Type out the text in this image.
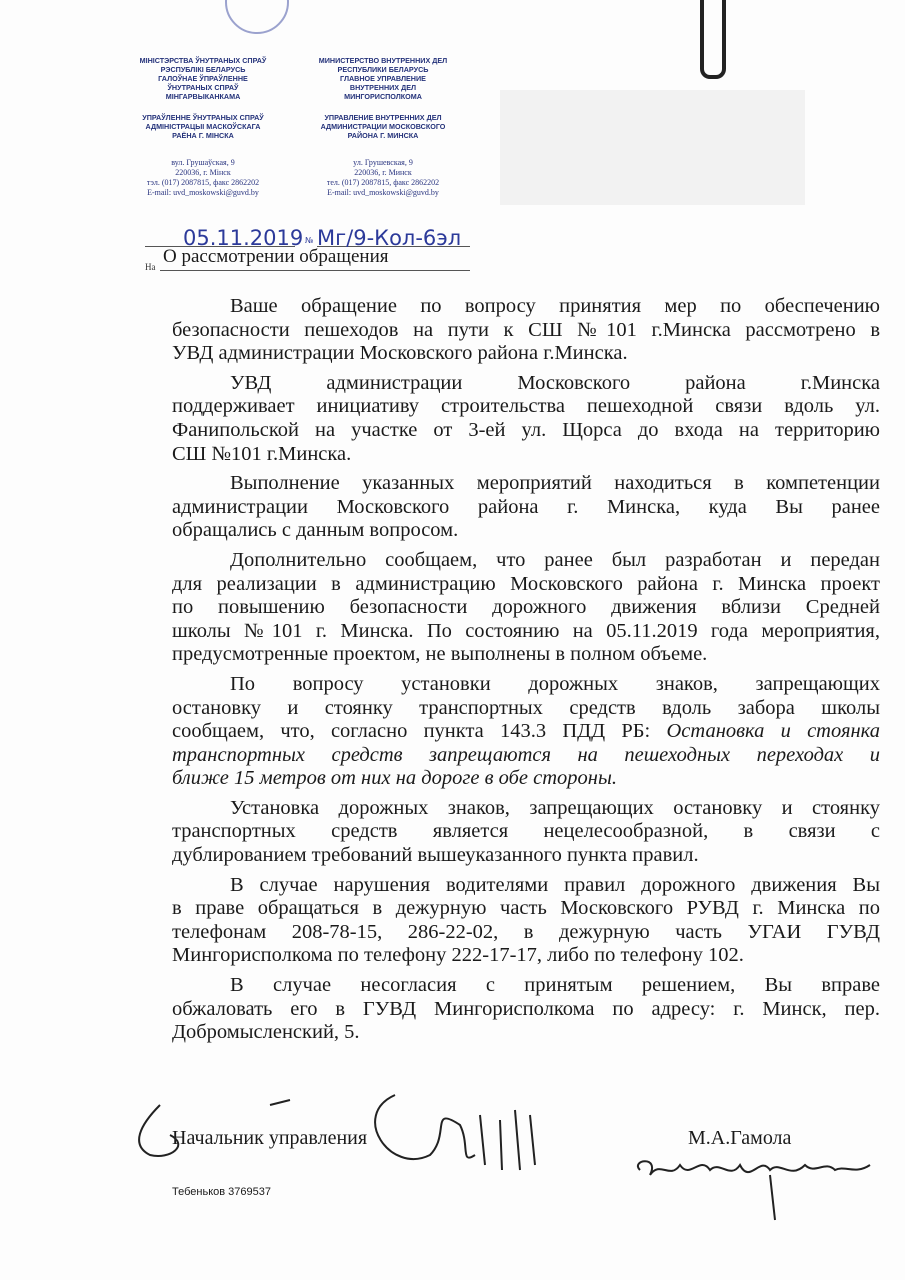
МІНІСТЭРСТВА ЎНУТРАНЫХ СПРАЎ
РЭСПУБЛІКІ БЕЛАРУСЬ
ГАЛОЎНАЕ ЎПРАЎЛЕННЕ
ЎНУТРАНЫХ СПРАЎ
МІНГАРВЫКАНКАМА
УПРАЎЛЕННЕ ЎНУТРАНЫХ СПРАЎ
АДМІНІСТРАЦЫІ МАСКОЎСКАГА
РАЁНА Г. МІНСКА
вул. Грушаўская, 9
220036, г. Мінск
тэл. (017) 2087815, факс 2862202
E-mail: uvd_moskowski@guvd.by
МИНИСТЕРСТВО ВНУТРЕННИХ ДЕЛ
РЕСПУБЛИКИ БЕЛАРУСЬ
ГЛАВНОЕ УПРАВЛЕНИЕ
ВНУТРЕННИХ ДЕЛ
МИНГОРИСПОЛКОМА
УПРАВЛЕНИЕ ВНУТРЕННИХ ДЕЛ
АДМИНИСТРАЦИИ МОСКОВСКОГО
РАЙОНА Г. МИНСКА
ул. Грушевская, 9
220036, г. Минск
тел. (017) 2087815, факс 2862202
E-mail: uvd_moskowski@guvd.by
05.11.2019 № Мг/9-Кол-6эл
На О рассмотрении обращения
Ваше обращение по вопросу принятия мер по обеспечению
безопасности пешеходов на пути к СШ №101 г.Минска рассмотрено в
УВД администрации Московского района г.Минска.
УВД администрации Московского района г.Минска
поддерживает инициативу строительства пешеходной связи вдоль ул.
Фанипольской на участке от 3-ей ул. Щорса до входа на территорию
СШ №101 г.Минска.
Выполнение указанных мероприятий находиться в компетенции
администрации Московского района г. Минска, куда Вы ранее
обращались с данным вопросом.
Дополнительно сообщаем, что ранее был разработан и передан
для реализации в администрацию Московского района г. Минска проект
по повышению безопасности дорожного движения вблизи Средней
школы №101 г. Минска. По состоянию на 05.11.2019 года мероприятия,
предусмотренные проектом, не выполнены в полном объеме.
По вопросу установки дорожных знаков, запрещающих
остановку и стоянку транспортных средств вдоль забора школы
сообщаем, что, согласно пункта 143.3 ПДД РБ: Остановка и стоянка
транспортных средств запрещаются на пешеходных переходах и
ближе 15 метров от них на дороге в обе стороны.
Установка дорожных знаков, запрещающих остановку и стоянку
транспортных средств является нецелесообразной, в связи с
дублированием требований вышеуказанного пункта правил.
В случае нарушения водителями правил дорожного движения Вы
в праве обращаться в дежурную часть Московского РУВД г. Минска по
телефонам 208-78-15, 286-22-02, в дежурную часть УГАИ ГУВД
Мингорисполкома по телефону 222-17-17, либо по телефону 102.
В случае несогласия с принятым решением, Вы вправе
обжаловать его в ГУВД Мингорисполкома по адресу: г. Минск, пер.
Добромысленский, 5.
Начальник управления	М.А.Гамола
Тебеньков 3769537
